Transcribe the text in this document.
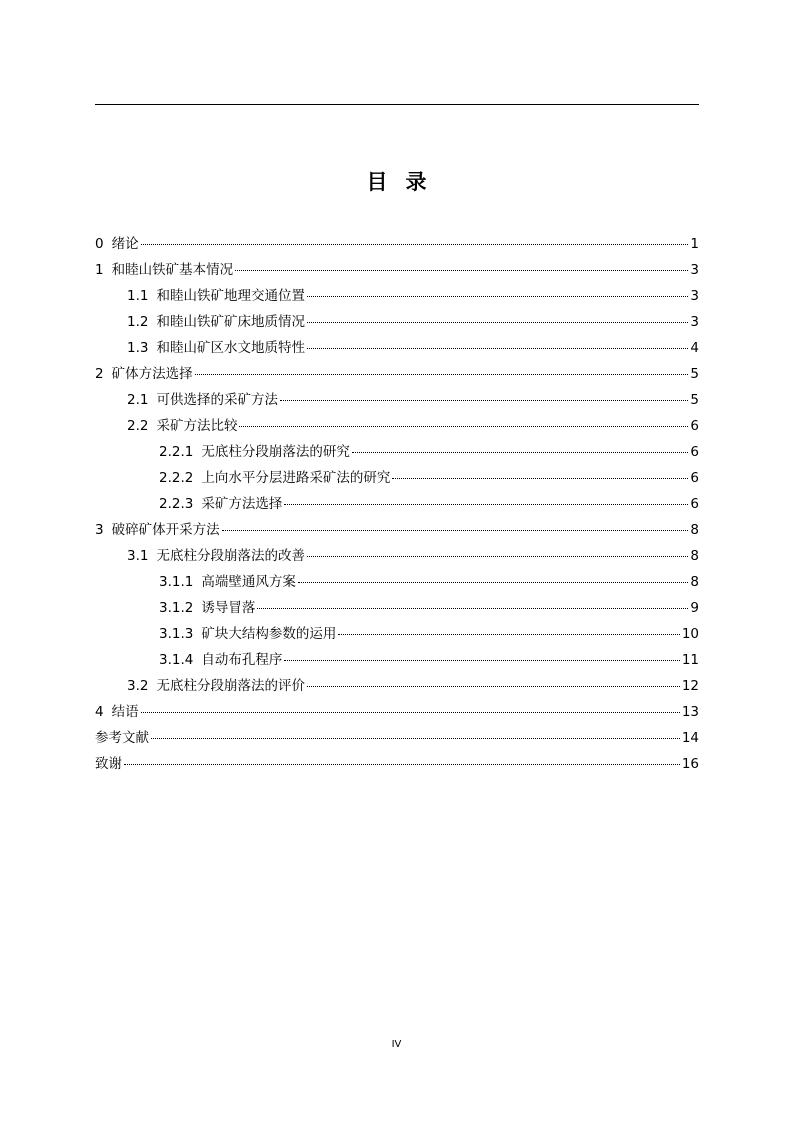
目 录
0 绪论	1
1 和睦山铁矿基本情况	3
1.1 和睦山铁矿地理交通位置	3
1.2 和睦山铁矿矿床地质情况	3
1.3 和睦山矿区水文地质特性	4
2 矿体方法选择	5
2.1 可供选择的采矿方法	5
2.2 采矿方法比较	6
2.2.1 无底柱分段崩落法的研究	6
2.2.2 上向水平分层进路采矿法的研究	6
2.2.3 采矿方法选择	6
3 破碎矿体开采方法	8
3.1 无底柱分段崩落法的改善	8
3.1.1 高端壁通风方案	8
3.1.2 诱导冒落	9
3.1.3 矿块大结构参数的运用	10
3.1.4 自动布孔程序	11
3.2 无底柱分段崩落法的评价	12
4 结语	13
参考文献	14
致谢	16
IV
